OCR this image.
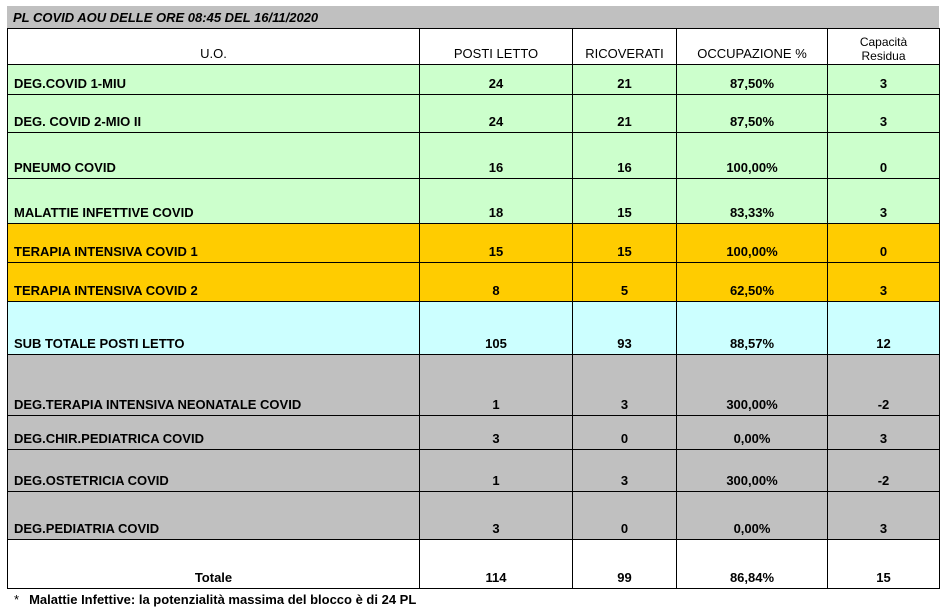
PL COVID AOU DELLE ORE 08:45 DEL 16/11/2020
U.O.	POSTI LETTO	RICOVERATI	OCCUPAZIONE %	Capacità
Residua
DEG.COVID 1-MIU	24	21	87,50%	3
DEG. COVID 2-MIO II	24	21	87,50%	3
PNEUMO COVID	16	16	100,00%	0
MALATTIE INFETTIVE COVID	18	15	83,33%	3
TERAPIA INTENSIVA COVID 1	15	15	100,00%	0
TERAPIA INTENSIVA COVID 2	8	5	62,50%	3
SUB TOTALE POSTI LETTO	105	93	88,57%	12
DEG.TERAPIA INTENSIVA NEONATALE COVID	1	3	300,00%	-2
DEG.CHIR.PEDIATRICA COVID	3	0	0,00%	3
DEG.OSTETRICIA COVID	1	3	300,00%	-2
DEG.PEDIATRIA COVID	3	0	0,00%	3
Totale	114	99	86,84%	15
* Malattie Infettive: la potenzialità massima del blocco è di 24 PL
